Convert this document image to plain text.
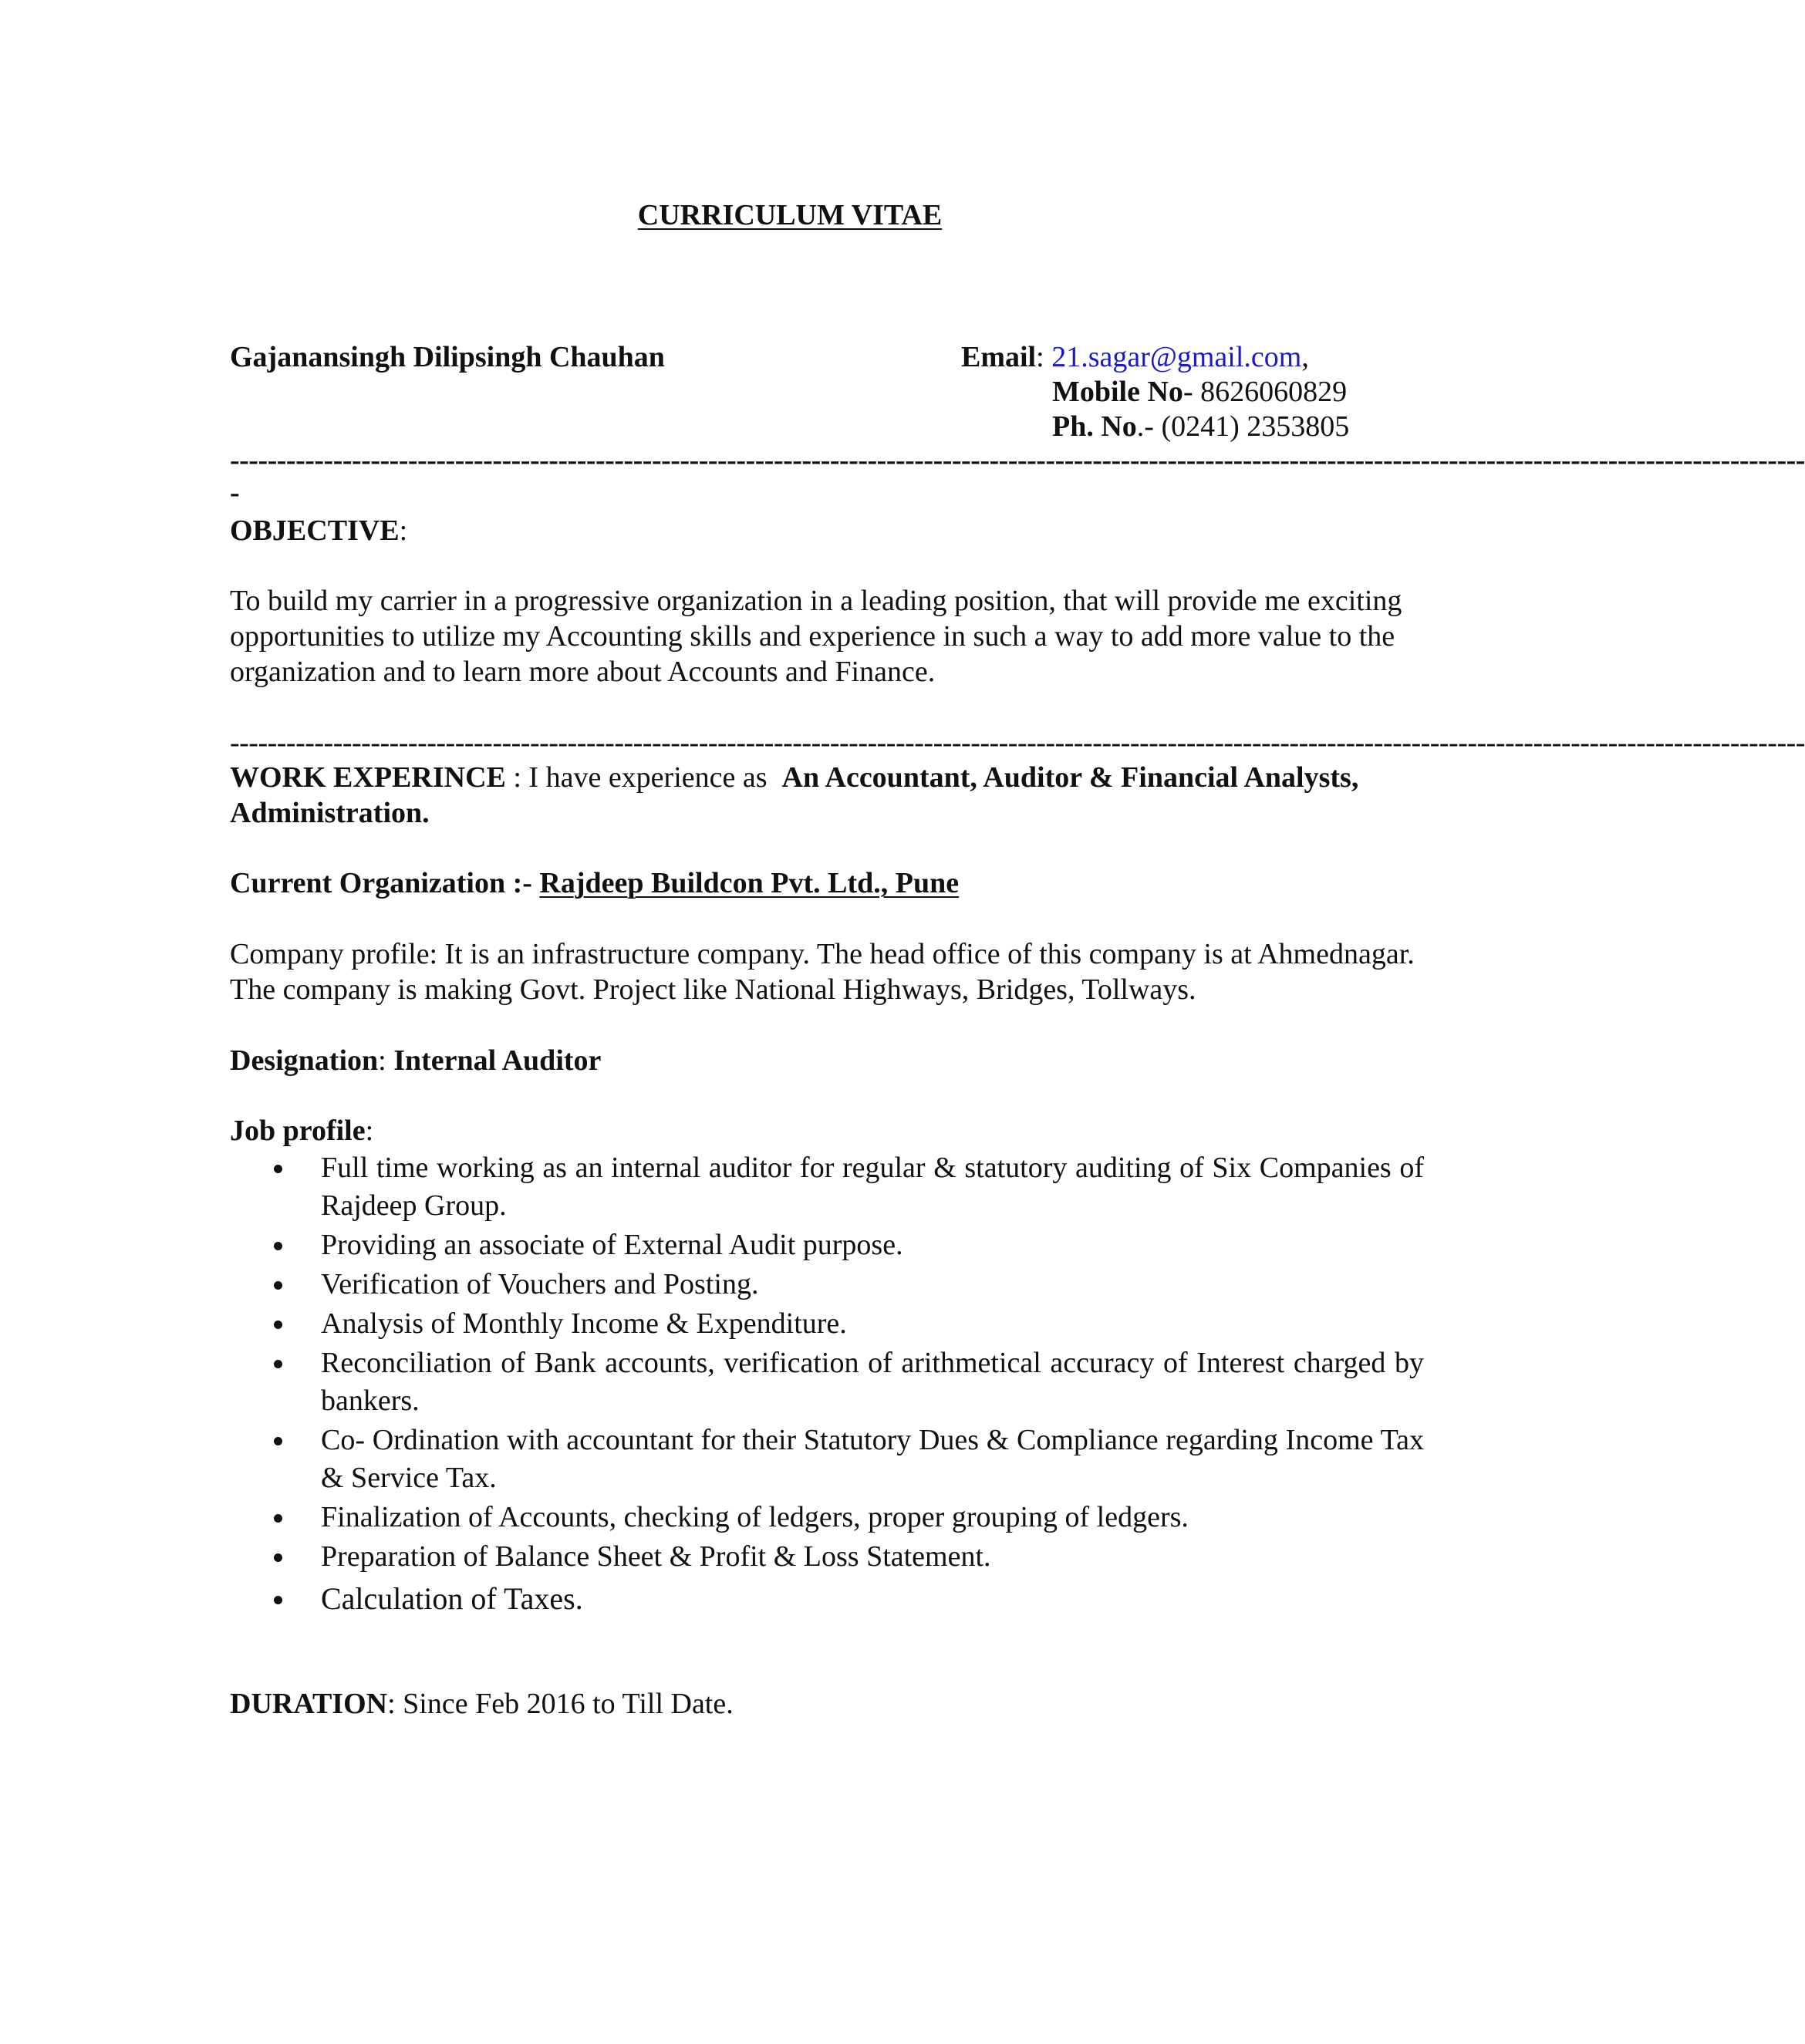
CURRICULUM VITAE
Gajanansingh Dilipsingh Chauhan	Email: 21.sagar@gmail.com,
Mobile No- 8626060829
Ph. No.- (0241) 2353805
------------------------------------------------------------------------------------------------------------------------------------------------------------------------
-
OBJECTIVE:
To build my carrier in a progressive organization in a leading position, that will provide me exciting opportunities to utilize my Accounting skills and experience in such a way to add more value to the organization and to learn more about Accounts and Finance.
------------------------------------------------------------------------------------------------------------------------------------------------------------------------
WORK EXPERINCE : I have experience as  An Accountant, Auditor & Financial Analysts, Administration.
Current Organization :- Rajdeep Buildcon Pvt. Ltd., Pune
Company profile: It is an infrastructure company. The head office of this company is at Ahmednagar. The company is making Govt. Project like National Highways, Bridges, Tollways.
Designation: Internal Auditor
Job profile:
Full time working as an internal auditor for regular & statutory auditing of Six Companies of Rajdeep Group.
Providing an associate of External Audit purpose.
Verification of Vouchers and Posting.
Analysis of Monthly Income & Expenditure.
Reconciliation of Bank accounts, verification of arithmetical accuracy of Interest charged by bankers.
Co- Ordination with accountant for their Statutory Dues & Compliance regarding Income Tax & Service Tax.
Finalization of Accounts, checking of ledgers, proper grouping of ledgers.
Preparation of Balance Sheet & Profit & Loss Statement.
Calculation of Taxes.
DURATION: Since Feb 2016 to Till Date.
